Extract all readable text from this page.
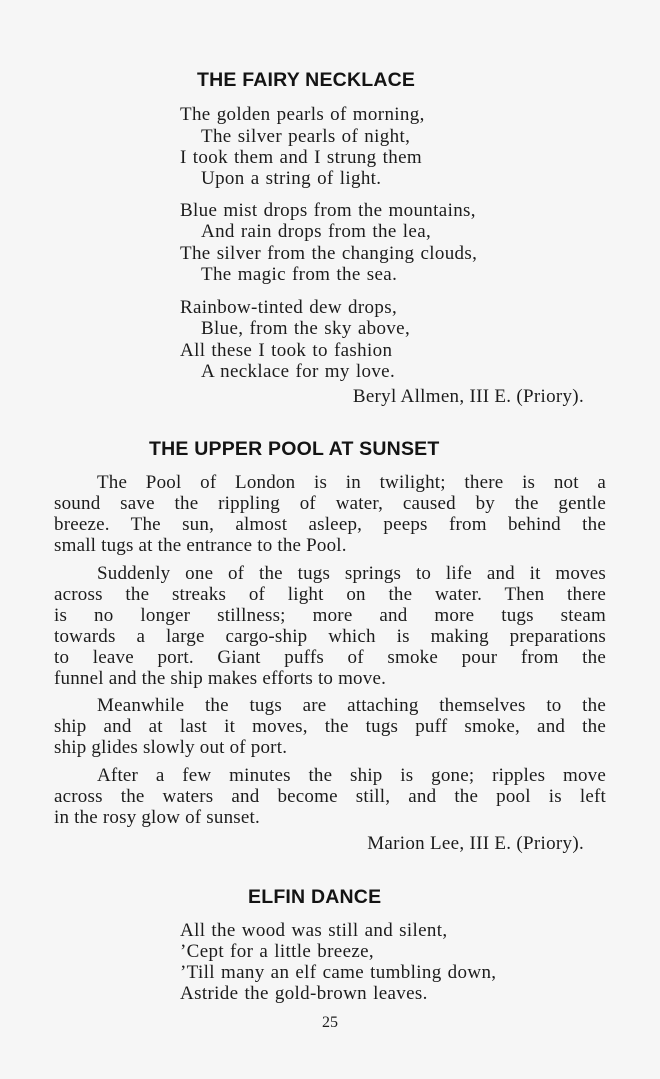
THE FAIRY NECKLACE
The golden pearls of morning,
The silver pearls of night,
I took them and I strung them
Upon a string of light.
Blue mist drops from the mountains,
And rain drops from the lea,
The silver from the changing clouds,
The magic from the sea.
Rainbow-tinted dew drops,
Blue, from the sky above,
All these I took to fashion
A necklace for my love.
Beryl Allmen, III E. (Priory).
THE UPPER POOL AT SUNSET
The Pool of London is in twilight; there is not a
sound save the rippling of water, caused by the gentle
breeze. The sun, almost asleep, peeps from behind the
small tugs at the entrance to the Pool.
Suddenly one of the tugs springs to life and it moves
across the streaks of light on the water. Then there
is no longer stillness; more and more tugs steam
towards a large cargo-ship which is making preparations
to leave port. Giant puffs of smoke pour from the
funnel and the ship makes efforts to move.
Meanwhile the tugs are attaching themselves to the
ship and at last it moves, the tugs puff smoke, and the
ship glides slowly out of port.
After a few minutes the ship is gone; ripples move
across the waters and become still, and the pool is left
in the rosy glow of sunset.
Marion Lee, III E. (Priory).
ELFIN DANCE
All the wood was still and silent,
’Cept for a little breeze,
’Till many an elf came tumbling down,
Astride the gold-brown leaves.
25
